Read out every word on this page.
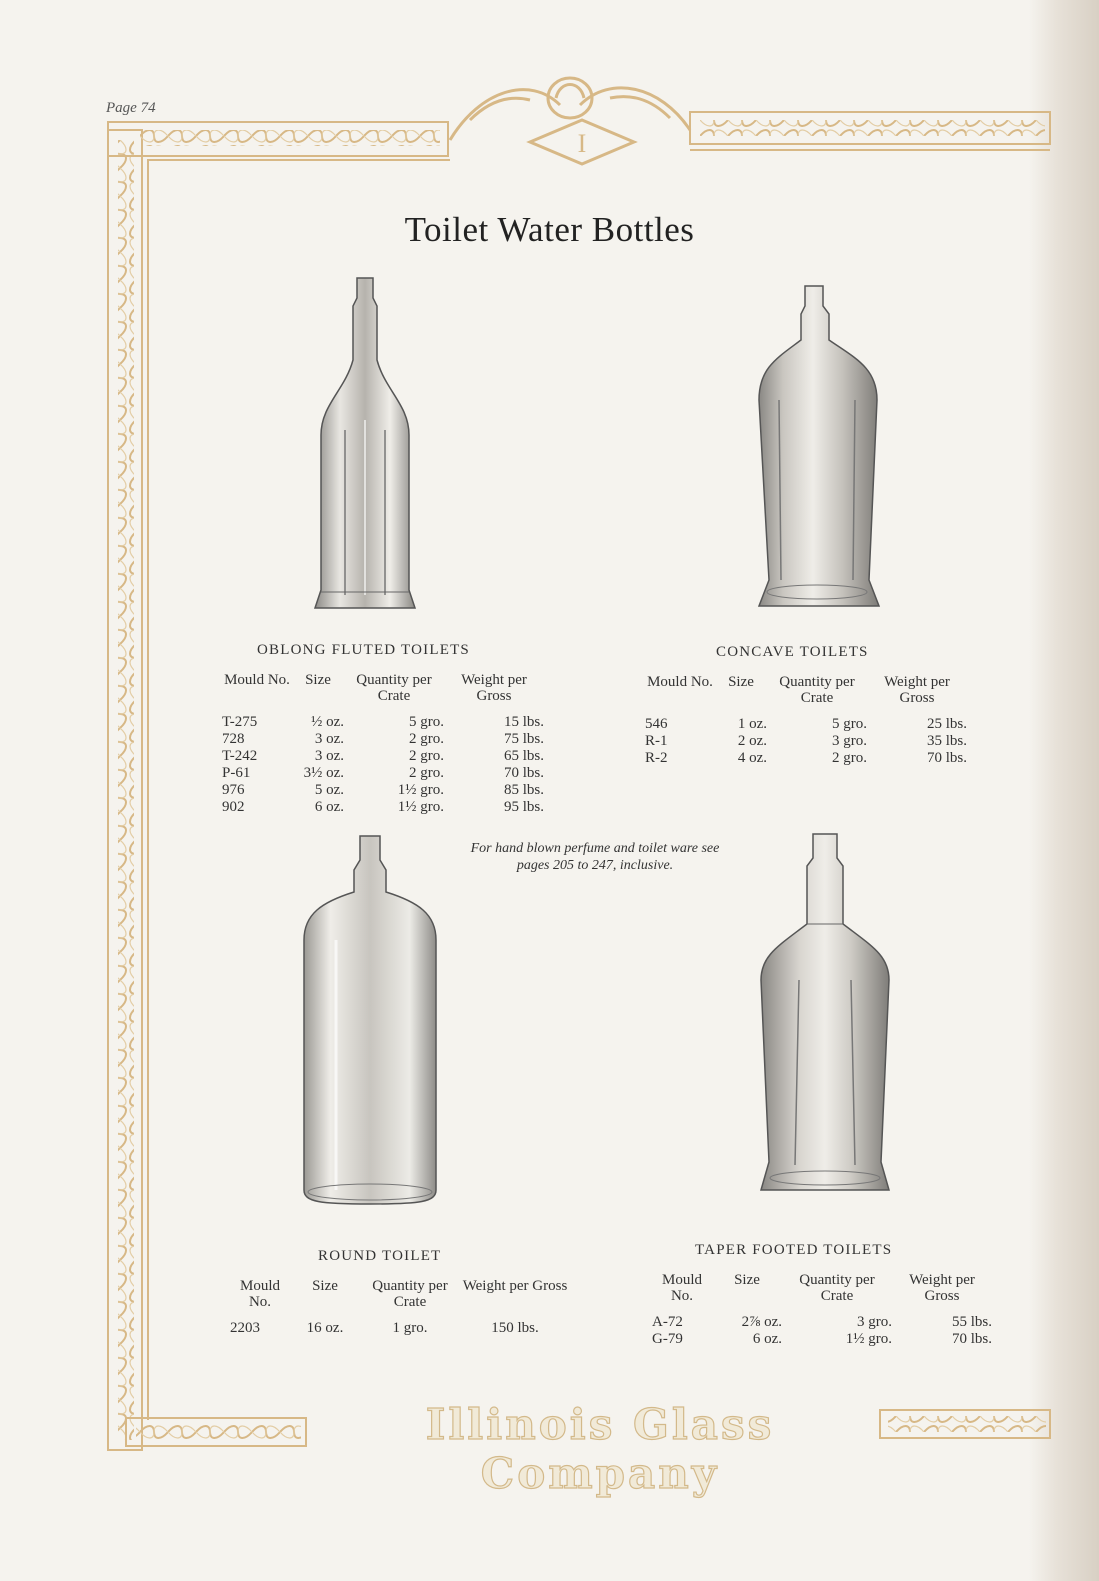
Page 74
I
Toilet Water Bottles
OBLONG FLUTED TOILETS
Mould No.	Size	Quantity per Crate	Weight per Gross
T-275	½ oz.	5 gro.	15 lbs.
728	3 oz.	2 gro.	75 lbs.
T-242	3 oz.	2 gro.	65 lbs.
P-61	3½ oz.	2 gro.	70 lbs.
976	5 oz.	1½ gro.	85 lbs.
902	6 oz.	1½ gro.	95 lbs.
CONCAVE TOILETS
Mould No.	Size	Quantity per Crate	Weight per Gross
546	1 oz.	5 gro.	25 lbs.
R-1	2 oz.	3 gro.	35 lbs.
R-2	4 oz.	2 gro.	70 lbs.
For hand blown perfume and toilet ware see pages 205 to 247, inclusive.
ROUND TOILET
Mould No.	Size	Quantity per Crate	Weight per Gross
2203	16 oz.	1 gro.	150 lbs.
TAPER FOOTED TOILETS
Mould No.	Size	Quantity per Crate	Weight per Gross
A-72	2⅞ oz.	3 gro.	55 lbs.
G-79	6 oz.	1½ gro.	70 lbs.
Illinois Glass Company
